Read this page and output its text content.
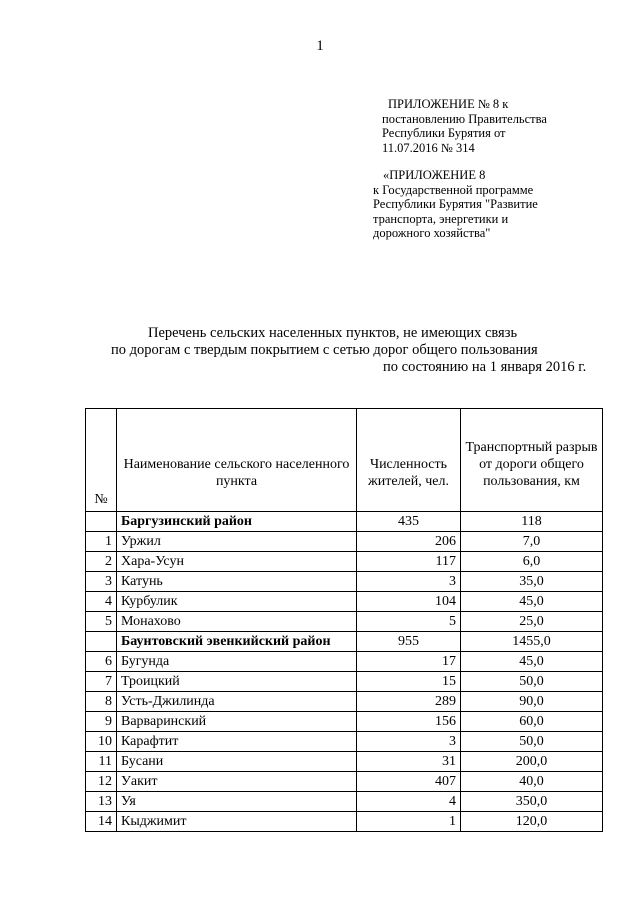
1
ПРИЛОЖЕНИЕ № 8 к
постановлению Правительства
Республики Бурятия от
11.07.2016 № 314
«ПРИЛОЖЕНИЕ 8
к Государственной программе
Республики Бурятия "Развитие
транспорта, энергетики и
дорожного хозяйства"
Перечень сельских населенных пунктов, не имеющих связь
по дорогам с твердым покрытием с сетью дорог общего пользования
по состоянию на 1 января 2016 г.
№	Наименование сельского населенного пункта	Численность жителей, чел.	Транспортный разрыв от дороги общего пользования, км
	Баргузинский район	435	118
1	Уржил	206	7,0
2	Хара-Усун	117	6,0
3	Катунь	3	35,0
4	Курбулик	104	45,0
5	Монахово	5	25,0
	Баунтовский эвенкийский район	955	1455,0
6	Бугунда	17	45,0
7	Троицкий	15	50,0
8	Усть-Джилинда	289	90,0
9	Варваринский	156	60,0
10	Карафтит	3	50,0
11	Бусани	31	200,0
12	Уакит	407	40,0
13	Уя	4	350,0
14	Кыджимит	1	120,0
